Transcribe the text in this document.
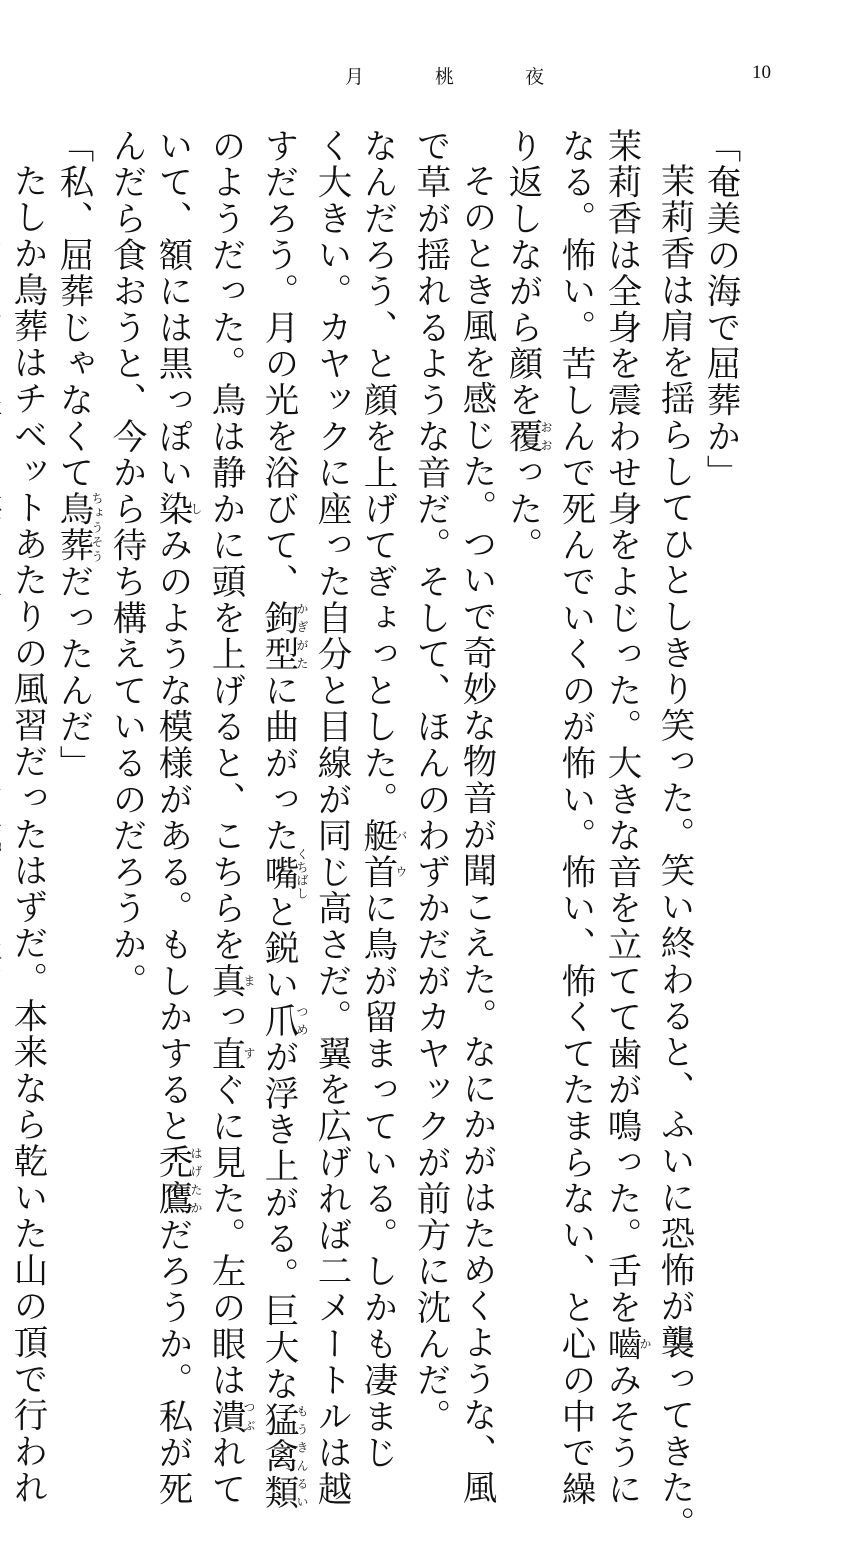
月　桃　夜	10
「奄美の海で屈葬か」
茉莉香は肩を揺らしてひとしきり笑った。笑い終わると、ふいに恐怖が襲ってきた。
茉莉香は全身を震わせ身をよじった。大きな音を立てて歯が鳴った。舌を嚙かみそうに
なる。怖い。苦しんで死んでいくのが怖い。怖い、怖くてたまらない、と心の中で繰
り返しながら顔を覆おおった。
そのとき風を感じた。ついで奇妙な物音が聞こえた。なにかがはためくような、風
で草が揺れるような音だ。そして、ほんのわずかだがカヤックが前方に沈んだ。
なんだろう、と顔を上げてぎょっとした。艇首バウに鳥が留まっている。しかも凄まじ
く大きい。カヤックに座った自分と目線が同じ高さだ。翼を広げれば二メートルは越
すだろう。月の光を浴びて、鉤型かぎがたに曲がった嘴くちばしと鋭い爪つめが浮き上がる。巨大な猛禽類もうきんるい
のようだった。鳥は静かに頭を上げると、こちらを真まっ直すぐに見た。左の眼は潰つぶれて
いて、額には黒っぽい染しみのような模様がある。もしかすると禿鷹はげたかだろうか。私が死
んだら食おうと、今から待ち構えているのだろうか。
「私、屈葬じゃなくて鳥葬ちょうそうだったんだ」
たしか鳥葬はチベットあたりの風習だったはずだ。本来なら乾いた山の頂で行われ
